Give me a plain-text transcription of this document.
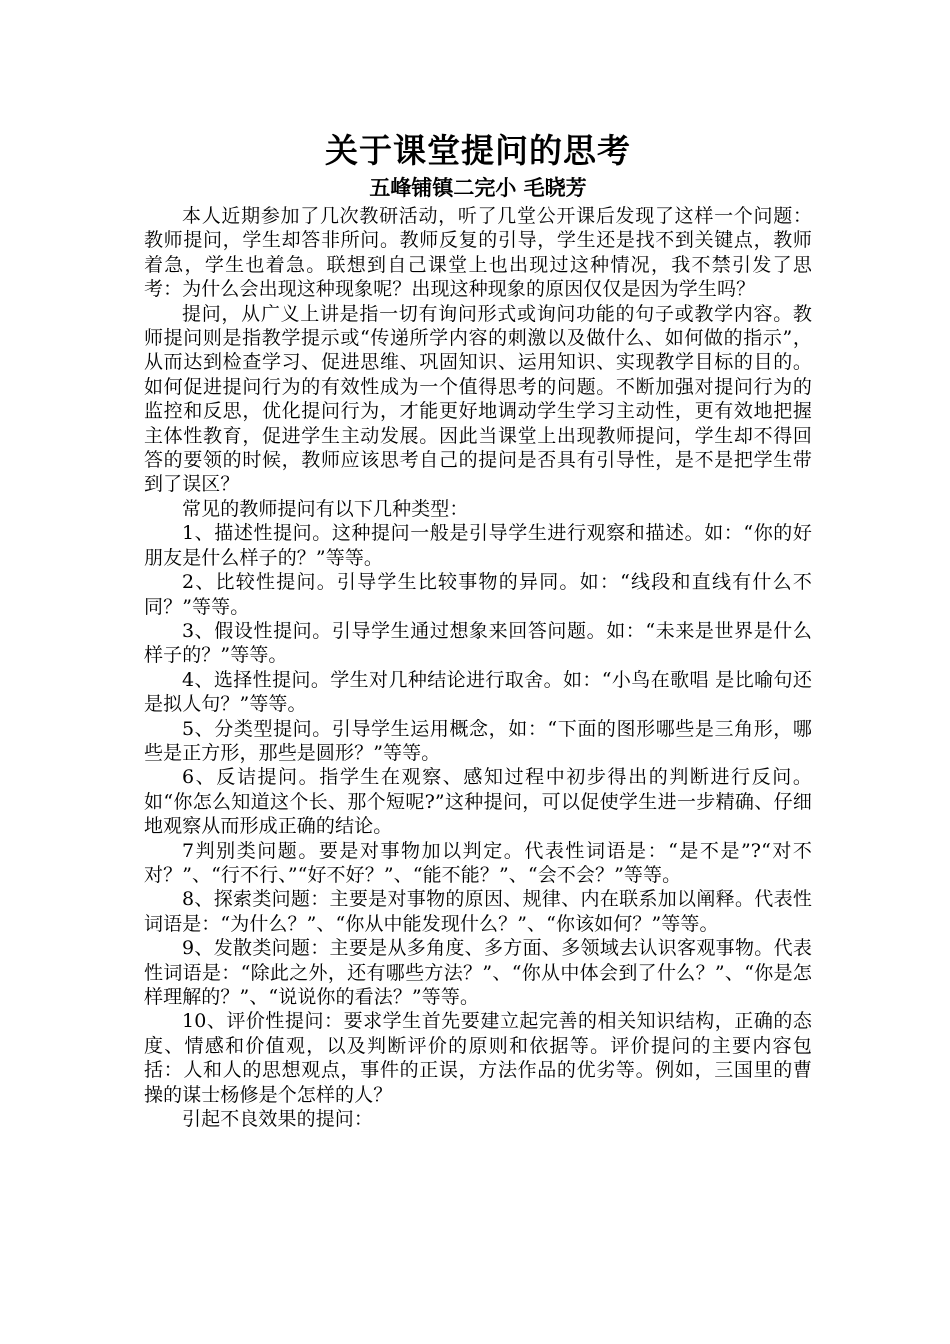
关于课堂提问的思考
五峰铺镇二完小 毛晓芳

本人近期参加了几次教研活动，听了几堂公开课后发现了这样一个问题：教师提问，学生却答非所问。教师反复的引导，学生还是找不到关键点，教师着急，学生也着急。联想到自己课堂上也出现过这种情况，我不禁引发了思考：为什么会出现这种现象呢？出现这种现象的原因仅仅是因为学生吗？

提问，从广义上讲是指一切有询问形式或询问功能的句子或教学内容。教师提问则是指教学提示或“传递所学内容的刺激以及做什么、如何做的指示”，从而达到检查学习、促进思维、巩固知识、运用知识、实现教学目标的目的。如何促进提问行为的有效性成为一个值得思考的问题。不断加强对提问行为的监控和反思，优化提问行为，才能更好地调动学生学习主动性，更有效地把握主体性教育，促进学生主动发展。因此当课堂上出现教师提问，学生却不得回答的要领的时候，教师应该思考自己的提问是否具有引导性，是不是把学生带到了误区？

常见的教师提问有以下几种类型：

1、描述性提问。这种提问一般是引导学生进行观察和描述。如：“你的好朋友是什么样子的？”等等。

2、比较性提问。引导学生比较事物的异同。如：“线段和直线有什么不同？”等等。

3、假设性提问。引导学生通过想象来回答问题。如：“未来是世界是什么样子的？”等等。

4、选择性提问。学生对几种结论进行取舍。如：“小鸟在歌唱 是比喻句还是拟人句？”等等。

5、分类型提问。引导学生运用概念，如：“下面的图形哪些是三角形，哪些是正方形，那些是圆形？”等等。

6、反诘提问。指学生在观察、感知过程中初步得出的判断进行反问。如“你怎么知道这个长、那个短呢?”这种提问，可以促使学生进一步精确、仔细地观察从而形成正确的结论。

7判别类问题。要是对事物加以判定。代表性词语是：“是不是”?“对不对？”、“行不行、”“好不好？”、“能不能？”、“会不会？”等等。

8、探索类问题：主要是对事物的原因、规律、内在联系加以阐释。代表性词语是：“为什么？”、“你从中能发现什么？”、“你该如何？”等等。

9、发散类问题：主要是从多角度、多方面、多领域去认识客观事物。代表性词语是：“除此之外，还有哪些方法？”、“你从中体会到了什么？”、“你是怎样理解的？”、“说说你的看法？”等等。

10、评价性提问：要求学生首先要建立起完善的相关知识结构，正确的态度、情感和价值观，以及判断评价的原则和依据等。评价提问的主要内容包括：人和人的思想观点，事件的正误，方法作品的优劣等。例如，三国里的曹操的谋士杨修是个怎样的人？

引起不良效果的提问：
